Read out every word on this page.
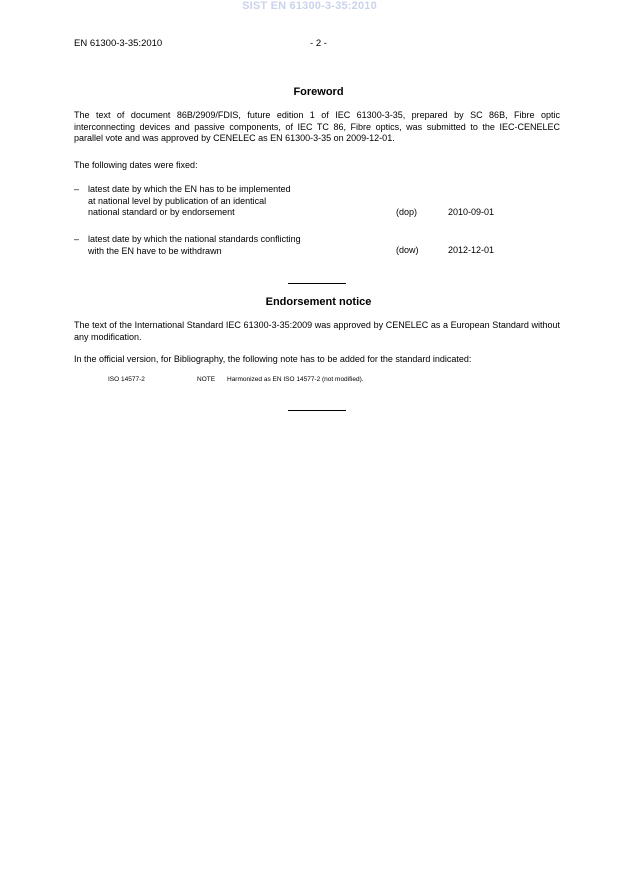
SIST EN 61300-3-35:2010
EN 61300-3-35:2010	- 2 -
Foreword
The text of document 86B/2909/FDIS, future edition 1 of IEC 61300-3-35, prepared by SC 86B, Fibre optic interconnecting devices and passive components, of IEC TC 86, Fibre optics, was submitted to the IEC-CENELEC parallel vote and was approved by CENELEC as EN 61300-3-35 on 2009-12-01.
The following dates were fixed:
– latest date by which the EN has to be implemented
at national level by publication of an identical
national standard or by endorsement	(dop)	2010-09-01
– latest date by which the national standards conflicting
with the EN have to be withdrawn	(dow)	2012-12-01
Endorsement notice
The text of the International Standard IEC 61300-3-35:2009 was approved by CENELEC as a European Standard without any modification.
In the official version, for Bibliography, the following note has to be added for the standard indicated:
ISO 14577-2	NOTE Harmonized as EN ISO 14577-2 (not modified).
